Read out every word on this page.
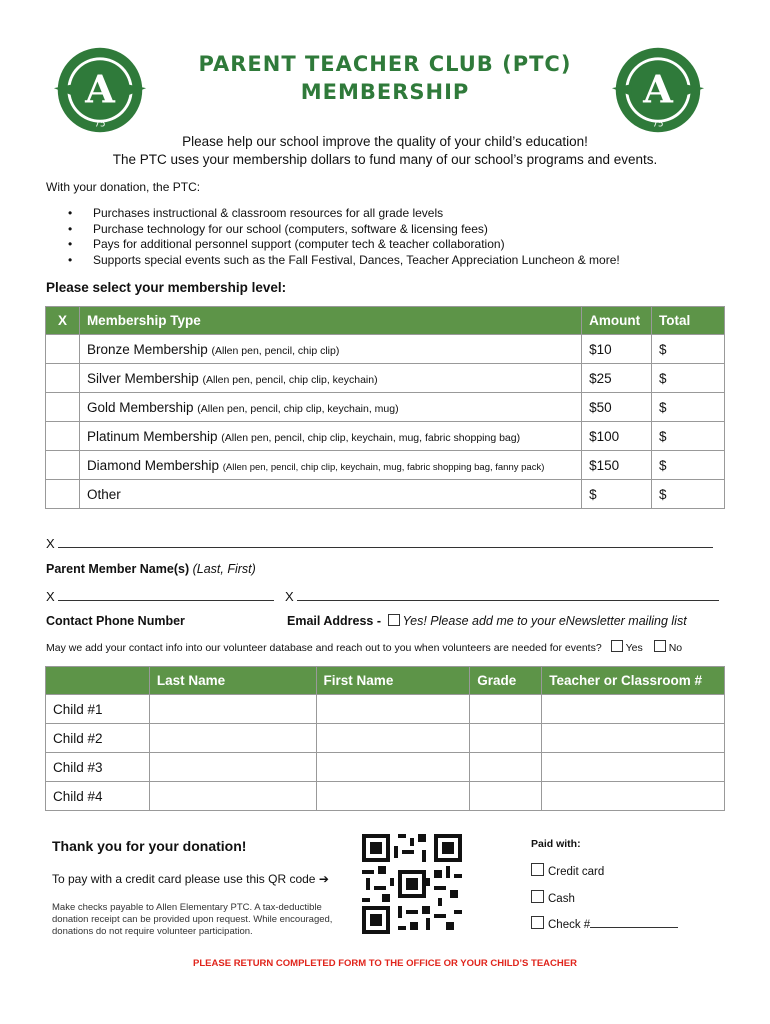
A
75
A
75
PARENT TEACHER CLUB (PTC)
MEMBERSHIP
Please help our school improve the quality of your child’s education!
The PTC uses your membership dollars to fund many of our school’s programs and events.
With your donation, the PTC:
• Purchases instructional & classroom resources for all grade levels
• Purchase technology for our school (computers, software & licensing fees)
• Pays for additional personnel support (computer tech & teacher collaboration)
• Supports special events such as the Fall Festival, Dances, Teacher Appreciation Luncheon & more!
Please select your membership level:
X	Membership Type	Amount	Total
	Bronze Membership (Allen pen, pencil, chip clip)	$10	$
	Silver Membership (Allen pen, pencil, chip clip, keychain)	$25	$
	Gold Membership (Allen pen, pencil, chip clip, keychain, mug)	$50	$
	Platinum Membership (Allen pen, pencil, chip clip, keychain, mug, fabric shopping bag)	$100	$
	Diamond Membership (Allen pen, pencil, chip clip, keychain, mug, fabric shopping bag, fanny pack)	$150	$
	Other	$	$
X
Parent Member Name(s) (Last, First)
X	X
Contact Phone Number	Email Address - Yes! Please add me to your eNewsletter mailing list
May we add your contact info into our volunteer database and reach out to you when volunteers are needed for events? Yes No
	Last Name	First Name	Grade	Teacher or Classroom #
Child #1				
Child #2				
Child #3				
Child #4				
Thank you for your donation!
To pay with a credit card please use this QR code ➔
Make checks payable to Allen Elementary PTC. A tax-deductible donation receipt can be provided upon request. While encouraged, donations do not require volunteer participation.
Paid with:
Credit card
Cash
Check #
PLEASE RETURN COMPLETED FORM TO THE OFFICE OR YOUR CHILD’S TEACHER
